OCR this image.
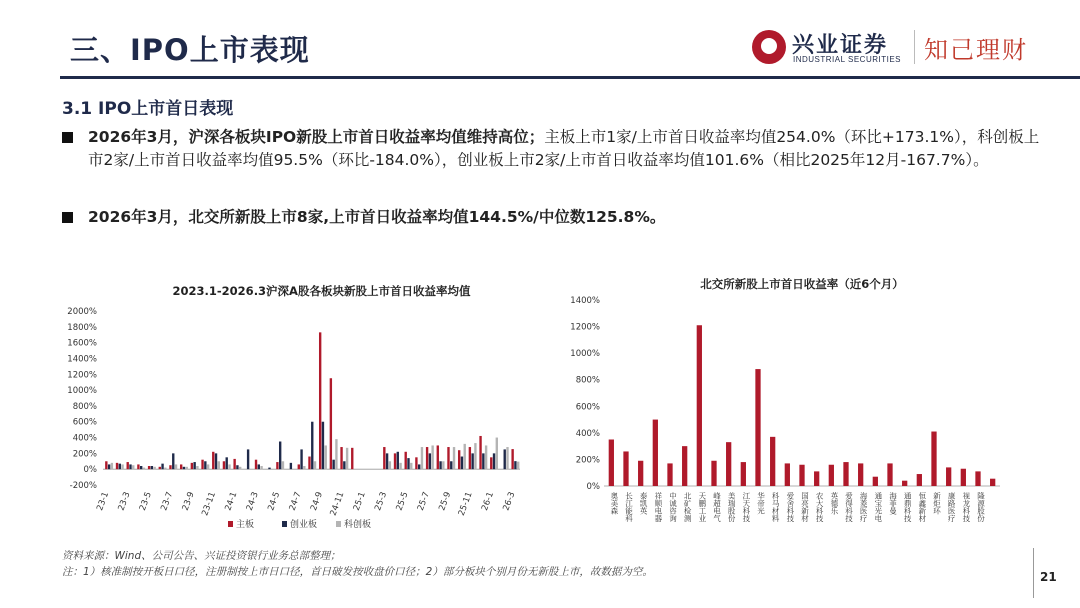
三、IPO上市表现	兴业证券
INDUSTRIAL SECURITIES 知己理财
3.1 IPO上市首日表现
2026年3月，沪深各板块IPO新股上市首日收益率均值维持高位；主板上市1家/上市首日收益率均值254.0%（环比+173.1%），科创板上市2家/上市首日收益率均值95.5%（环比-184.0%），创业板上市2家/上市首日收益率均值101.6%（相比2025年12月-167.7%）。
2026年3月，北交所新股上市8家,上市首日收益率均值144.5%/中位数125.8%。
2023.1-2026.3沪深A股各板块新股上市首日收益率均值
-200%
0%
200%
400%
600%
800%
1000%
1200%
1400%
1600%
1800%
2000%
23-1 23-3 23-5 23-7 23-9 23-11 24-1 24-3 24-5 24-7 24-9 24-11 25-1 25-3 25-5 25-7 25-9 25-11 26-1 26-3
主板	创业板	科创板
北交所新股上市首日收益率（近6个月）
0%
200%
400%
600%
800%
1000%
1200%
1400%
奥美森 长江能科 泰凯英 祥顺电器 中诚咨询 北矿检测 天鹏工业 峰超电气 美瑞股份 江天科技 华帝光 科马材料 爱舍科技 国亮新材 农大科技 英德乐 爱得科技 海菱医疗 通宝光电 海菲曼 通鼎科技 恒鑫新材 新炬环 康路医疗 视龙科技 隆源股份
资料来源：Wind、公司公告、兴证投资银行业务总部整理；
注：1）核准制按开板日口径，注册制按上市日口径，首日破发按收盘价口径；2）部分板块个别月份无新股上市，故数据为空。	21
